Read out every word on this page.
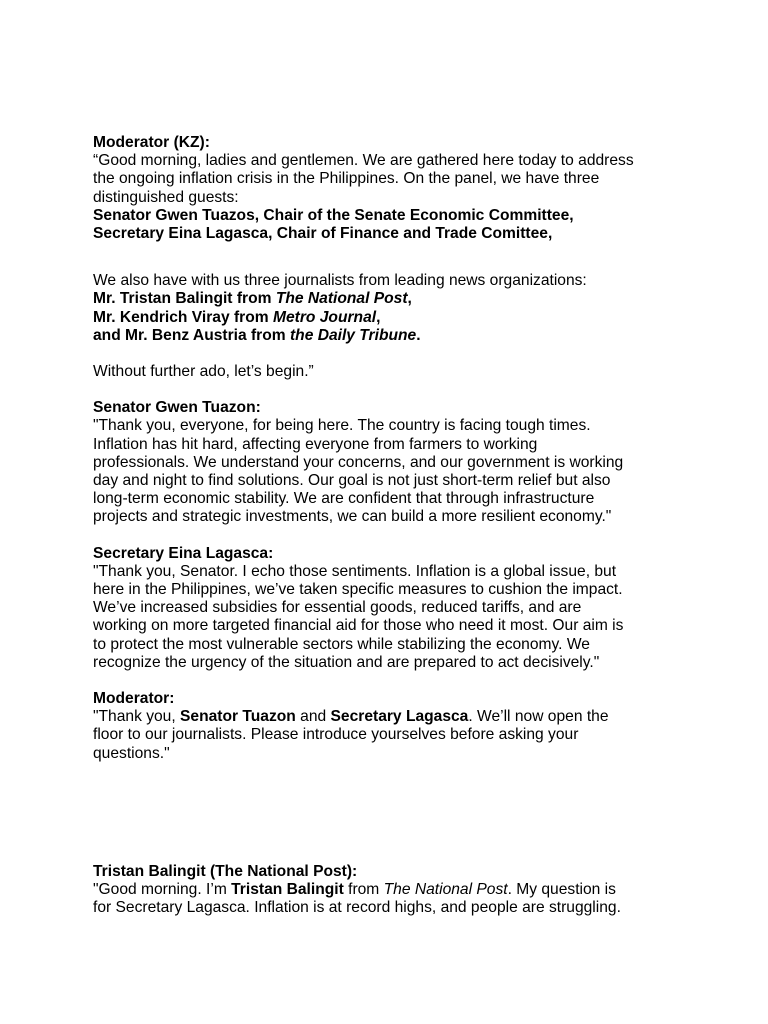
Moderator (KZ):
“Good morning, ladies and gentlemen. We are gathered here today to address
the ongoing inflation crisis in the Philippines. On the panel, we have three
distinguished guests:
Senator Gwen Tuazos, Chair of the Senate Economic Committee,
Secretary Eina Lagasca, Chair of Finance and Trade Comittee,
We also have with us three journalists from leading news organizations:
Mr. Tristan Balingit from The National Post,
Mr. Kendrich Viray from Metro Journal,
and Mr. Benz Austria from the Daily Tribune.
Without further ado, let’s begin.”
Senator Gwen Tuazon:
"Thank you, everyone, for being here. The country is facing tough times.
Inflation has hit hard, affecting everyone from farmers to working
professionals. We understand your concerns, and our government is working
day and night to find solutions. Our goal is not just short-term relief but also
long-term economic stability. We are confident that through infrastructure
projects and strategic investments, we can build a more resilient economy."
Secretary Eina Lagasca:
"Thank you, Senator. I echo those sentiments. Inflation is a global issue, but
here in the Philippines, we’ve taken specific measures to cushion the impact.
We’ve increased subsidies for essential goods, reduced tariffs, and are
working on more targeted financial aid for those who need it most. Our aim is
to protect the most vulnerable sectors while stabilizing the economy. We
recognize the urgency of the situation and are prepared to act decisively."
Moderator:
"Thank you, Senator Tuazon and Secretary Lagasca. We’ll now open the
floor to our journalists. Please introduce yourselves before asking your
questions."
Tristan Balingit (The National Post):
"Good morning. I’m Tristan Balingit from The National Post. My question is
for Secretary Lagasca. Inflation is at record highs, and people are struggling.
